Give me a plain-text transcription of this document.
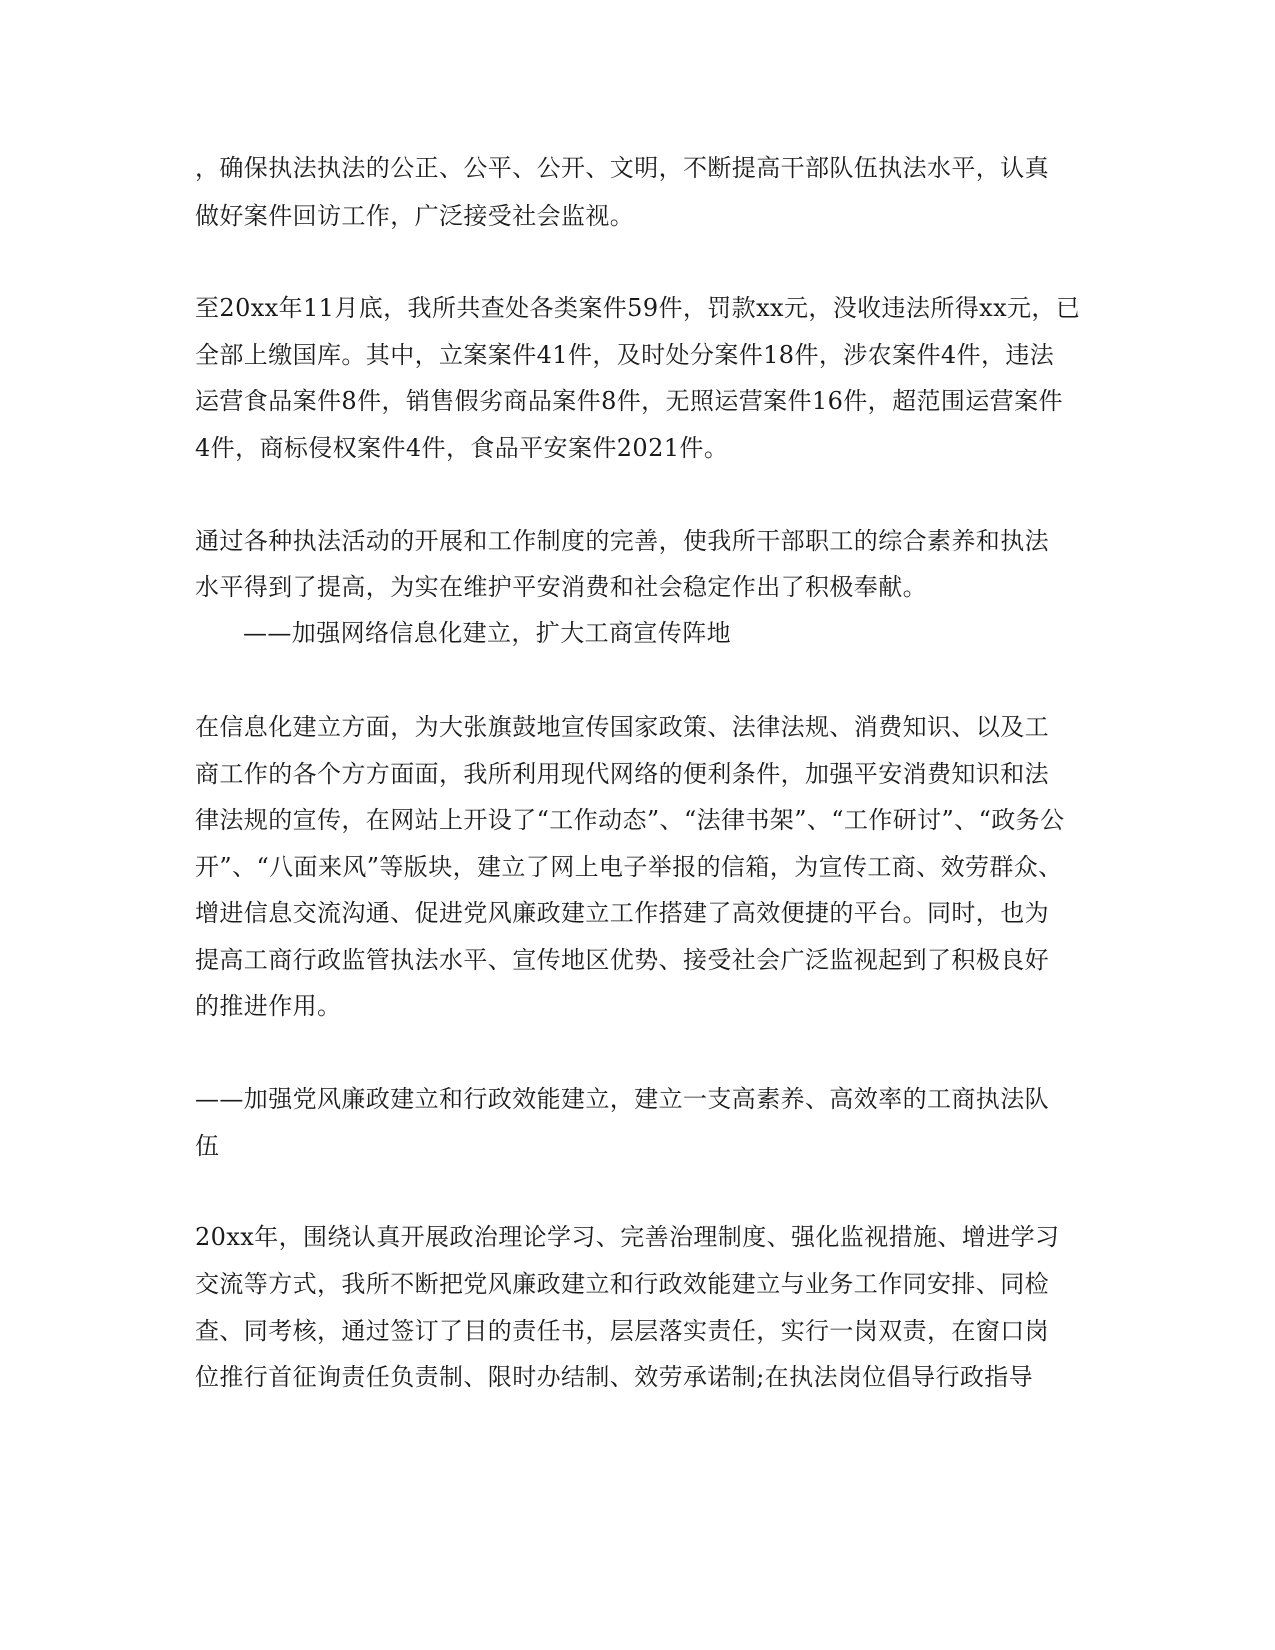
，确保执法执法的公正、公平、公开、文明，不断提高干部队伍执法水平，认真
做好案件回访工作，广泛接受社会监视。
至20xx年11月底，我所共查处各类案件59件，罚款xx元，没收违法所得xx元，已
全部上缴国库。其中，立案案件41件，及时处分案件18件，涉农案件4件，违法
运营食品案件8件，销售假劣商品案件8件，无照运营案件16件，超范围运营案件
4件，商标侵权案件4件，食品平安案件2021件。
通过各种执法活动的开展和工作制度的完善，使我所干部职工的综合素养和执法
水平得到了提高，为实在维护平安消费和社会稳定作出了积极奉献。
——加强网络信息化建立，扩大工商宣传阵地
在信息化建立方面，为大张旗鼓地宣传国家政策、法律法规、消费知识、以及工
商工作的各个方方面面，我所利用现代网络的便利条件，加强平安消费知识和法
律法规的宣传，在网站上开设了“工作动态”、“法律书架”、“工作研讨”、“政务公
开”、“八面来风”等版块，建立了网上电子举报的信箱，为宣传工商、效劳群众、
增进信息交流沟通、促进党风廉政建立工作搭建了高效便捷的平台。同时，也为
提高工商行政监管执法水平、宣传地区优势、接受社会广泛监视起到了积极良好
的推进作用。
——加强党风廉政建立和行政效能建立，建立一支高素养、高效率的工商执法队
伍
20xx年，围绕认真开展政治理论学习、完善治理制度、强化监视措施、增进学习
交流等方式，我所不断把党风廉政建立和行政效能建立与业务工作同安排、同检
查、同考核，通过签订了目的责任书，层层落实责任，实行一岗双责，在窗口岗
位推行首征询责任负责制、限时办结制、效劳承诺制;在执法岗位倡导行政指导
